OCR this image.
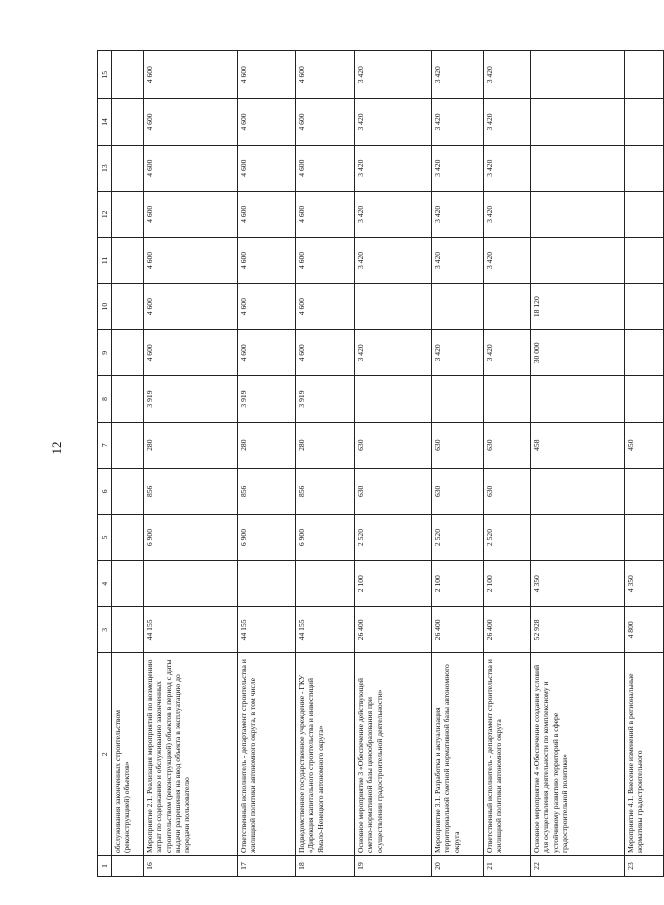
12
1	2	3	4	5	6	7	8	9	10	11	12	13	14	15
	обслуживания законченных строительством (реконструкцией) объектов»													
16	Мероприятие 2.1. Реализация мероприятий по возмещению затрат по содержанию и обслуживанию законченных строительством (реконструкцией) объектов в период с даты выдачи разрешения на ввод объекта в эксплуатацию до передачи пользователю	44 155		6 900	856	280	3 919	4 600	4 600	4 600	4 600	4 600	4 600	4 600
17	Ответственный исполнитель - департамент строительства и жилищной политики автономного округа, в том числе	44 155		6 900	856	280	3 919	4 600	4 600	4 600	4 600	4 600	4 600	4 600
18	Подведомственное государственное учреждение - ГКУ «Дирекция капитального строительства и инвестиций Ямало-Ненецкого автономного округа»	44 155		6 900	856	280	3 919	4 600	4 600	4 600	4 600	4 600	4 600	4 600
19	Основное мероприятие 3 «Обеспечение действующей сметно-нормативной базы ценообразования при осуществлении градостроительной деятельности»	26 400	2 100	2 520	630	630		3 420		3 420	3 420	3 420	3 420	3 420
20	Мероприятие 3.1. Разработка и актуализация территориальной сметной нормативной базы автономного округа	26 400	2 100	2 520	630	630		3 420		3 420	3 420	3 420	3 420	3 420
21	Ответственный исполнитель - департамент строительства и жилищной политики автономного округа	26 400	2 100	2 520	630	630		3 420		3 420	3 420	3 420	3 420	3 420
22	Основное мероприятие 4 «Обеспечение создания условий для осуществления деятельности по комплексному и устойчивому развитию территорий в сфере градостроительной политики»	52 928	4 350			458		30 000	18 120					
23	Мероприятие 4.1. Внесение изменений в региональные нормативы градостроительного	4 800	4 350			450								
